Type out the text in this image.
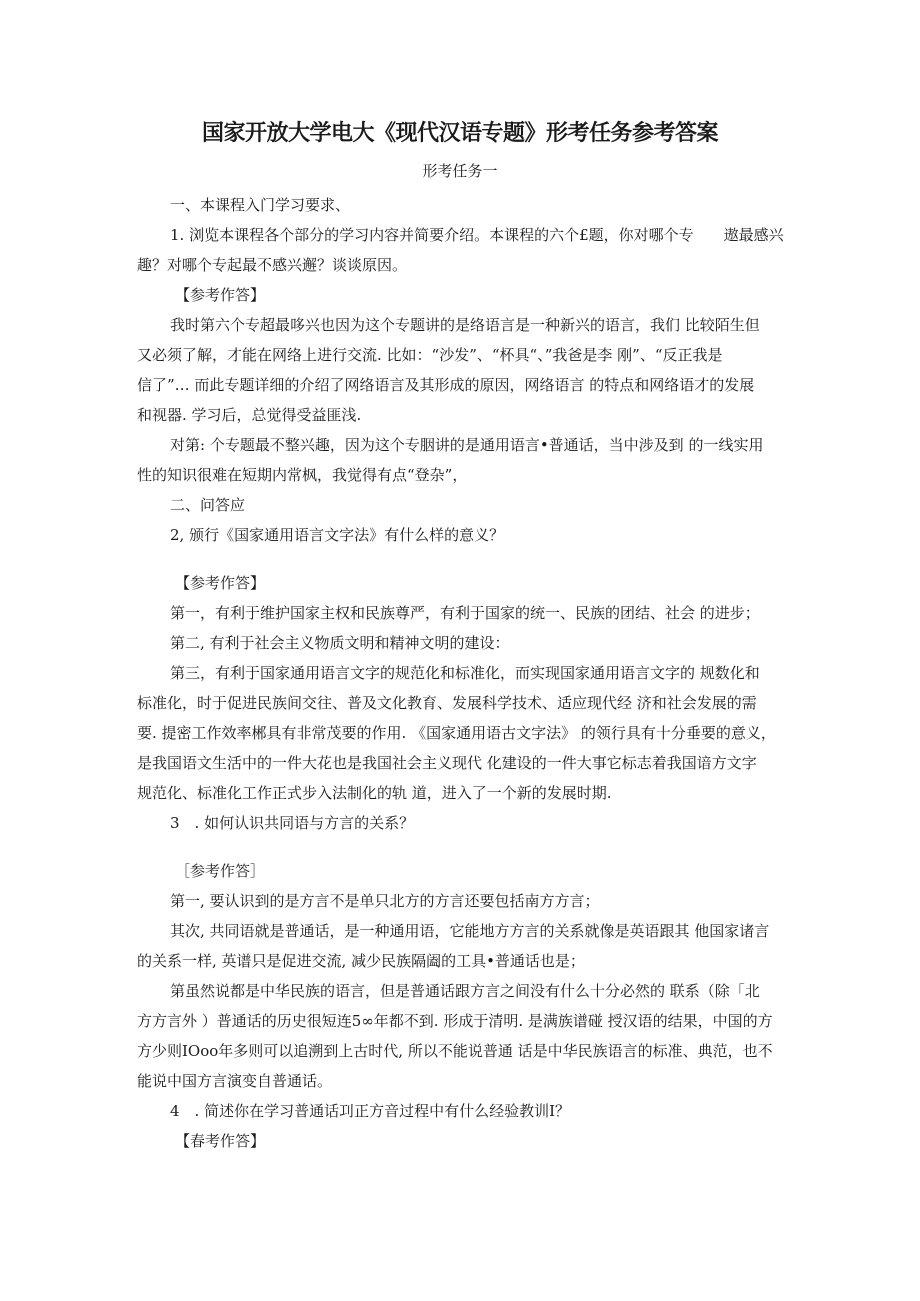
国家开放大学电大《现代汉语专题》形考任务参考答案
形考任务一

一、本课程入门学习要求、

1. 浏览本课程各个部分的学习内容并简要介绍。本课程的六个£题，你对哪个专　　遨最感兴

趣？对哪个专起最不感兴邂？谈谈原因。

【参考作答】

我时第六个专超最哆兴也因为这个专题讲的是络语言是一种新兴的语言，我们 比较陌生但

又必须了解，才能在网络上进行交流. 比如：“沙发”、“杯具“、”我爸是李 刚”、“反正我是

信了”… 而此专题详细的介绍了网络语言及其形成的原因，网络语言 的特点和网络语才的发展

和视器. 学习后，总觉得受益匪浅.

对第: 个专题最不整兴趣，因为这个专胭讲的是通用语言•普通话，当中涉及到 的一线实用

性的知识很难在短期内常枫，我觉得有点“登杂”，

二、问答应

2, 颁行《国家通用语言文字法》有什么样的意义？

【参考作答】

第一，有利于维护国家主权和民族尊严，有利于国家的统一、民族的团结、社会 的进步；

第二, 有利于社会主义物质文明和精神文明的建设：

第三，有利于国家通用语言文字的规范化和标准化，而实现国家通用语言文字的 规数化和

标准化，时于促进民族间交往、普及文化教育、发展科学技术、适应现代经 济和社会发展的需

要. 提密工作效率郴具有非常茂要的作用. 《国家通用语古文字法》 的领行具有十分垂要的意义，

是我国语文生活中的一件大花也是我国社会主义现代 化建设的一件大事它标志着我国谙方文字

规范化、标准化工作正式步入法制化的轨 道，进入了一个新的发展时期.

3　. 如何认识共同语与方言的关系？

［参考作答］

第一, 要认识到的是方言不是单只北方的方言还要包括南方方言；

其次, 共同语就是普通话，是一种通用语，它能地方方言的关系就像是英语跟其 他国家诸言

的关系一样, 英谱只是促进交流, 减少民族隔阖的工具•普通话也是；

第虽然说都是中华民族的语言，但是普通话跟方言之间没有什么十分必然的 联系（除「北

方方言外 ）普通话的历史很短连5∞年都不到. 形成于清明. 是满族谱碰 授汉语的结果，中国的方

方少则IOoo年多则可以追溯到上古时代, 所以不能说普通 话是中华民族语言的标准、典范，也不

能说中国方言演变自普通话。

4　. 简述你在学习普通话㓚正方音过程中有什么经验教训I？

【春考作答】
